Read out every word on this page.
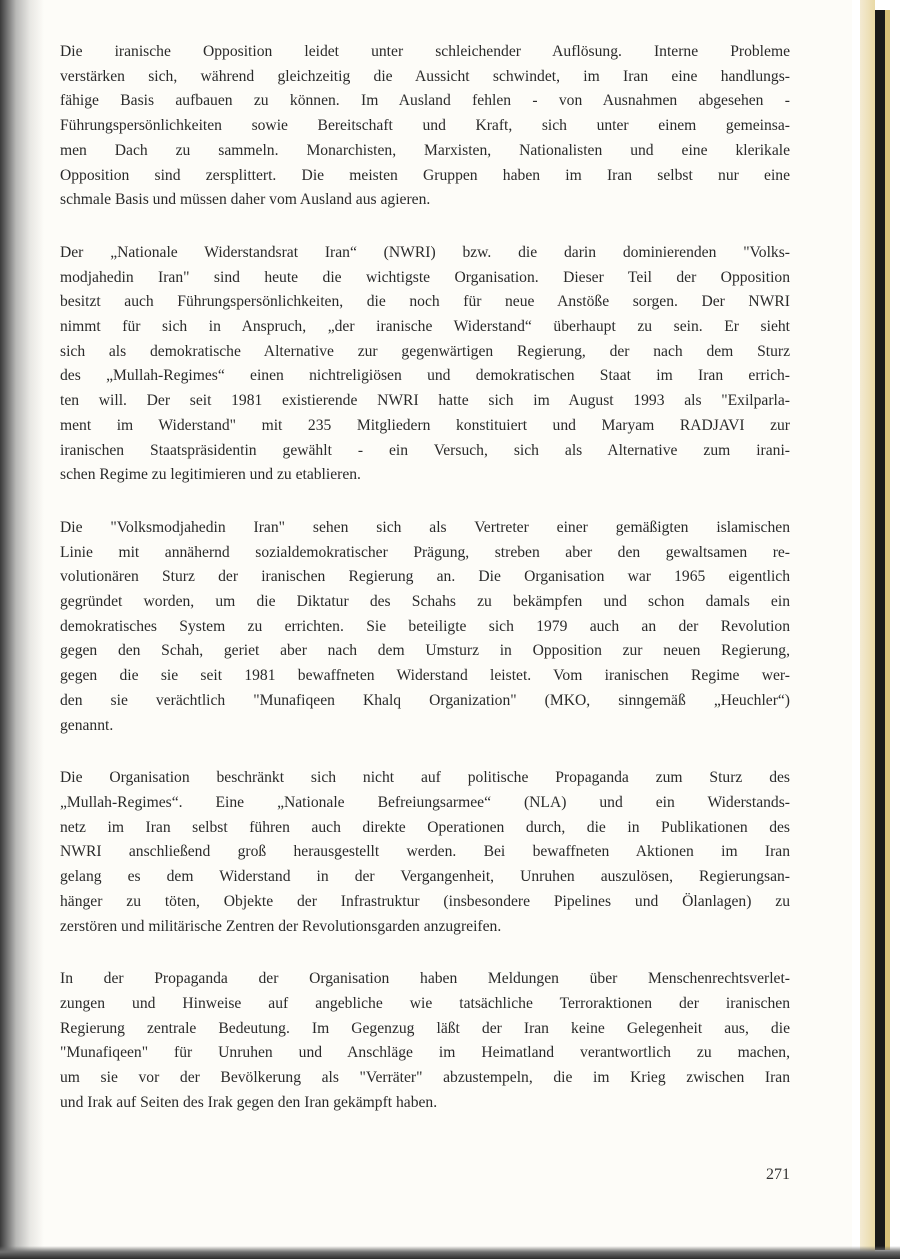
Die iranische Opposition leidet unter schleichender Auflösung. Interne Probleme
verstärken sich, während gleichzeitig die Aussicht schwindet, im Iran eine handlungs-
fähige Basis aufbauen zu können. Im Ausland fehlen - von Ausnahmen abgesehen -
Führungspersönlichkeiten sowie Bereitschaft und Kraft, sich unter einem gemeinsa-
men Dach zu sammeln. Monarchisten, Marxisten, Nationalisten und eine klerikale
Opposition sind zersplittert. Die meisten Gruppen haben im Iran selbst nur eine
schmale Basis und müssen daher vom Ausland aus agieren.

Der „Nationale Widerstandsrat Iran“ (NWRI) bzw. die darin dominierenden "Volks-
modjahedin Iran" sind heute die wichtigste Organisation. Dieser Teil der Opposition
besitzt auch Führungspersönlichkeiten, die noch für neue Anstöße sorgen. Der NWRI
nimmt für sich in Anspruch, „der iranische Widerstand“ überhaupt zu sein. Er sieht
sich als demokratische Alternative zur gegenwärtigen Regierung, der nach dem Sturz
des „Mullah-Regimes“ einen nichtreligiösen und demokratischen Staat im Iran errich-
ten will. Der seit 1981 existierende NWRI hatte sich im August 1993 als "Exilparla-
ment im Widerstand" mit 235 Mitgliedern konstituiert und Maryam RADJAVI zur
iranischen Staatspräsidentin gewählt - ein Versuch, sich als Alternative zum irani-
schen Regime zu legitimieren und zu etablieren.

Die "Volksmodjahedin Iran" sehen sich als Vertreter einer gemäßigten islamischen
Linie mit annähernd sozialdemokratischer Prägung, streben aber den gewaltsamen re-
volutionären Sturz der iranischen Regierung an. Die Organisation war 1965 eigentlich
gegründet worden, um die Diktatur des Schahs zu bekämpfen und schon damals ein
demokratisches System zu errichten. Sie beteiligte sich 1979 auch an der Revolution
gegen den Schah, geriet aber nach dem Umsturz in Opposition zur neuen Regierung,
gegen die sie seit 1981 bewaffneten Widerstand leistet. Vom iranischen Regime wer-
den sie verächtlich "Munafiqeen Khalq Organization" (MKO, sinngemäß „Heuchler“)
genannt.

Die Organisation beschränkt sich nicht auf politische Propaganda zum Sturz des
„Mullah-Regimes“. Eine „Nationale Befreiungsarmee“ (NLA) und ein Widerstands-
netz im Iran selbst führen auch direkte Operationen durch, die in Publikationen des
NWRI anschließend groß herausgestellt werden. Bei bewaffneten Aktionen im Iran
gelang es dem Widerstand in der Vergangenheit, Unruhen auszulösen, Regierungsan-
hänger zu töten, Objekte der Infrastruktur (insbesondere Pipelines und Ölanlagen) zu
zerstören und militärische Zentren der Revolutionsgarden anzugreifen.

In der Propaganda der Organisation haben Meldungen über Menschenrechtsverlet-
zungen und Hinweise auf angebliche wie tatsächliche Terroraktionen der iranischen
Regierung zentrale Bedeutung. Im Gegenzug läßt der Iran keine Gelegenheit aus, die
"Munafiqeen" für Unruhen und Anschläge im Heimatland verantwortlich zu machen,
um sie vor der Bevölkerung als "Verräter" abzustempeln, die im Krieg zwischen Iran
und Irak auf Seiten des Irak gegen den Iran gekämpft haben.

271
